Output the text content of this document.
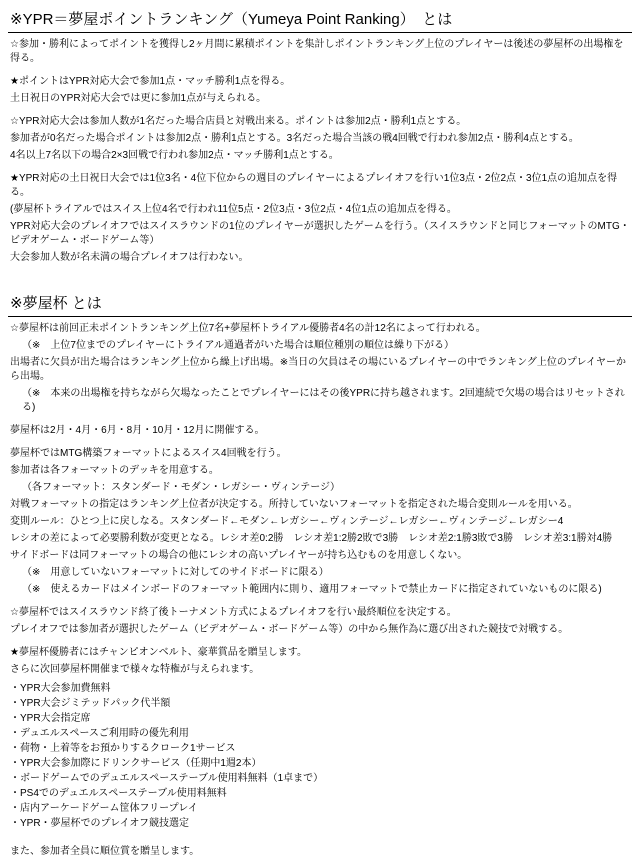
※YPR＝夢屋ポイントランキング（Yumeya Point Ranking）　とは

☆参加・勝利によってポイントを獲得し2ヶ月間に累積ポイントを集計しポイントランキング上位のプレイヤーは後述の夢屋杯の出場権を得る。

★ポイントはYPR対応大会で参加1点・マッチ勝利1点を得る。

土日祝日のYPR対応大会では更に参加1点が与えられる。

☆YPR対応大会は参加人数が1名だった場合店員と対戦出来る。ポイントは参加2点・勝利1点とする。

参加者が0名だった場合ポイントは参加2点・勝利1点とする。3名だった場合当該の戦4回戦で行われ参加2点・勝利4点とする。

4名以上7名以下の場合2×3回戦で行われ参加2点・マッチ勝利1点とする。

★YPR対応の土日祝日大会では1位3名・4位下位からの週目のプレイヤーによるプレイオフを行い1位3点・2位2点・3位1点の追加点を得る。

(夢屋杯トライアルではスイス上位4名で行われ11位5点・2位3点・3位2点・4位1点の追加点を得る。

YPR対応大会のプレイオフではスイスラウンドの1位のプレイヤーが選択したゲームを行う。（スイスラウンドと同じフォーマットのMTG・ビデオゲーム・ボードゲーム等）

大会参加人数が名未満の場合プレイオフは行わない。

※夢屋杯 とは

☆夢屋杯は前回正未ポイントランキング上位7名+夢屋杯トライアル優勝者4名の計12名によって行われる。

（※　上位7位までのプレイヤーにトライアル通過者がいた場合は順位種別の順位は繰り下がる）

出場者に欠員が出た場合はランキング上位から繰上げ出場。※当日の欠員はその場にいるプレイヤーの中でランキング上位のプレイヤーから出場。

（※　本来の出場権を持ちながら欠場なったことでプレイヤーにはその後YPRに持ち越されます。2回連続で欠場の場合はリセットされる)

夢屋杯は2月・4月・6月・8月・10月・12月に開催する。

夢屋杯ではMTG構築フォーマットによるスイス4回戦を行う。

参加者は各フォーマットのデッキを用意する。

（各フォーマット：スタンダード・モダン・レガシー・ヴィンテージ）

対戦フォーマットの指定はランキング上位者が決定する。所持していないフォーマットを指定された場合変則ルールを用いる。

変則ルール：ひとつ上に戻しなる。スタンダード←モダン←レガシー←ヴィンテージ←レガシー←ヴィンテージ←レガシー4

レシオの差によって必要勝利数が変更となる。レシオ差0:2勝　レシオ差1:2勝2敗で3勝　レシオ差2:1勝3敗で3勝　レシオ差3:1勝対4勝

サイドボードは同フォーマットの場合の他にレシオの高いプレイヤーが持ち込むものを用意しくない。

（※　用意していないフォーマットに対してのサイドボードに限る）

（※　使えるカードはメインボードのフォーマット範囲内に則り、適用フォーマットで禁止カードに指定されていないものに限る)

☆夢屋杯ではスイスラウンド終了後トーナメント方式によるプレイオフを行い最終順位を決定する。

プレイオフでは参加者が選択したゲーム（ビデオゲーム・ボードゲーム等）の中から無作為に選び出された競技で対戦する。

★夢屋杯優勝者にはチャンピオンベルト、豪華賞品を贈呈します。

さらに次回夢屋杯開催まで様々な特権が与えられます。

・YPR大会参加費無料

・YPR大会ジミテッドパック代半額

・YPR大会指定席

・デュエルスペースご利用時の優先利用

・荷物・上着等をお預かりするクローク1サービス

・YPR大会参加際にドリンクサービス（任期中1週2本）

・ボードゲームでのデュエルスペーステーブル使用料無料（1卓まで）

・PS4でのデュエルスペーステーブル使用料無料

・店内アーケードゲーム筐体フリープレイ

・YPR・夢屋杯でのプレイオフ競技選定

また、参加者全員に順位賞を贈呈します。
